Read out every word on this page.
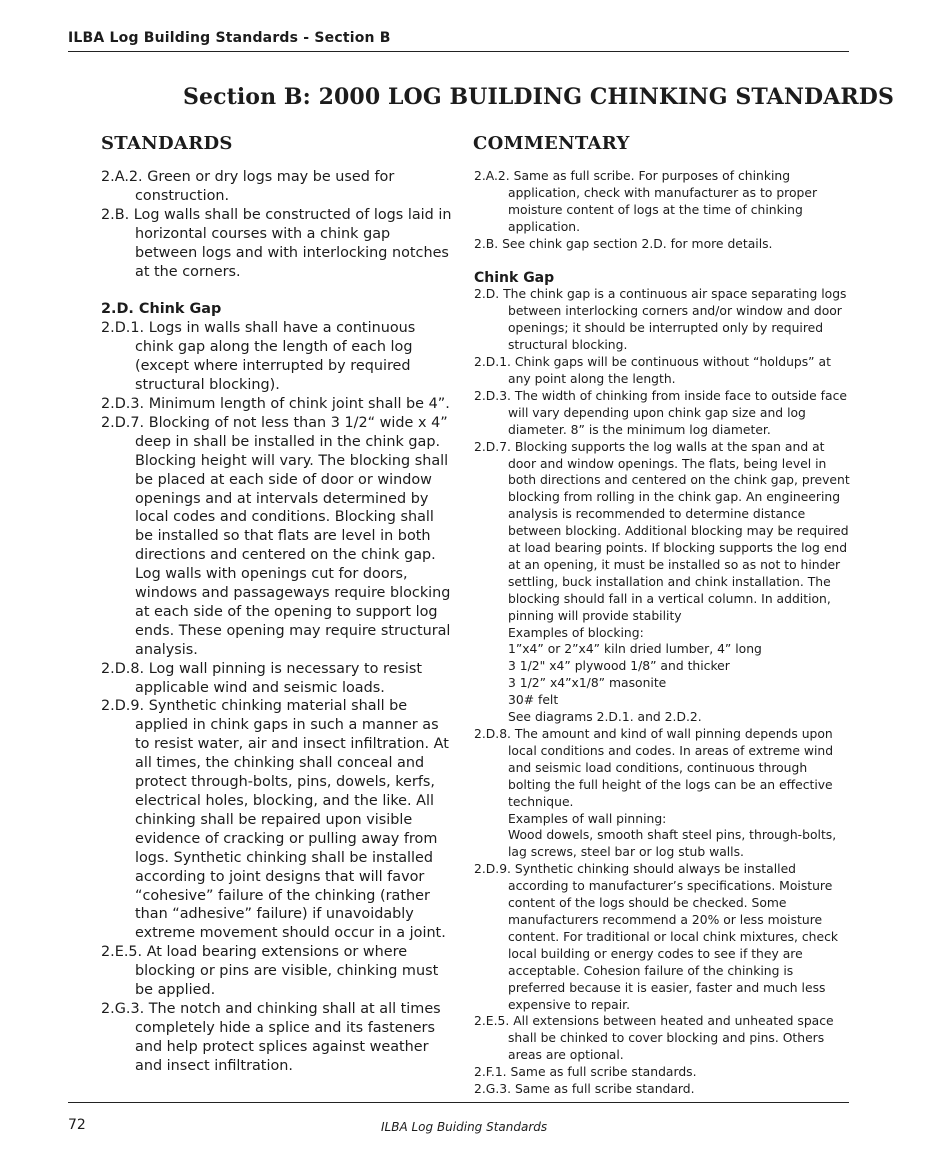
ILBA Log Building Standards - Section B
Section B: 2000 LOG BUILDING CHINKING STANDARDS
STANDARDS	COMMENTARY

2.A.2. Green or dry logs may be used for construction.

2.B. Log walls shall be constructed of logs laid in horizontal courses with a chink gap between logs and with interlocking notches at the corners.

2.D. Chink Gap

2.D.1. Logs in walls shall have a continuous chink gap along the length of each log (except where interrupted by required structural blocking).

2.D.3. Minimum length of chink joint shall be 4”.

2.D.7. Blocking of not less than 3 1/2“ wide x 4” deep in shall be installed in the chink gap. Blocking height will vary. The blocking shall be placed at each side of door or window openings and at intervals determined by local codes and conditions. Blocking shall be installed so that flats are level in both directions and centered on the chink gap. Log walls with openings cut for doors, windows and passageways require blocking at each side of the opening to support log ends. These opening may require structural analysis.

2.D.8. Log wall pinning is necessary to resist applicable wind and seismic loads.

2.D.9. Synthetic chinking material shall be applied in chink gaps in such a manner as to resist water, air and insect infiltration. At all times, the chinking shall conceal and protect through-bolts, pins, dowels, kerfs, electrical holes, blocking, and the like. All chinking shall be repaired upon visible evidence of cracking or pulling away from logs. Synthetic chinking shall be installed according to joint designs that will favor “cohesive” failure of the chinking (rather than “adhesive” failure) if unavoidably extreme movement should occur in a joint.

2.E.5. At load bearing extensions or where blocking or pins are visible, chinking must be applied.

2.G.3. The notch and chinking shall at all times completely hide a splice and its fasteners and help protect splices against weather and insect infiltration.

2.A.2. Same as full scribe. For purposes of chinking application, check with manufacturer as to proper moisture content of logs at the time of chinking application.

2.B. See chink gap section 2.D. for more details.

Chink Gap

2.D. The chink gap is a continuous air space separating logs between interlocking corners and/or window and door openings; it should be interrupted only by required structural blocking.

2.D.1. Chink gaps will be continuous without “holdups” at any point along the length.

2.D.3. The width of chinking from inside face to outside face will vary depending upon chink gap size and log diameter. 8” is the minimum log diameter.

2.D.7. Blocking supports the log walls at the span and at door and window openings. The flats, being level in both directions and centered on the chink gap, prevent blocking from rolling in the chink gap. An engineering analysis is recommended to determine distance between blocking. Additional blocking may be required at load bearing points. If blocking supports the log end at an opening, it must be installed so as not to hinder settling, buck installation and chink installation. The blocking should fall in a vertical column. In addition, pinning will provide stability

Examples of blocking:

1”x4” or 2”x4” kiln dried lumber, 4” long

3 1/2" x4” plywood 1/8” and thicker

3 1/2” x4”x1/8” masonite

30# felt

See diagrams 2.D.1. and 2.D.2.

2.D.8. The amount and kind of wall pinning depends upon local conditions and codes. In areas of extreme wind and seismic load conditions, continuous through bolting the full height of the logs can be an effective technique.

Examples of wall pinning:

Wood dowels, smooth shaft steel pins, through-bolts, lag screws, steel bar or log stub walls.

2.D.9. Synthetic chinking should always be installed according to manufacturer’s specifications. Moisture content of the logs should be checked. Some manufacturers recommend a 20% or less moisture content. For traditional or local chink mixtures, check local building or energy codes to see if they are acceptable. Cohesion failure of the chinking is preferred because it is easier, faster and much less expensive to repair.

2.E.5. All extensions between heated and unheated space shall be chinked to cover blocking and pins. Others areas are optional.

2.F.1. Same as full scribe standards.

2.G.3. Same as full scribe standard.

72	ILBA Log Buiding Standards
